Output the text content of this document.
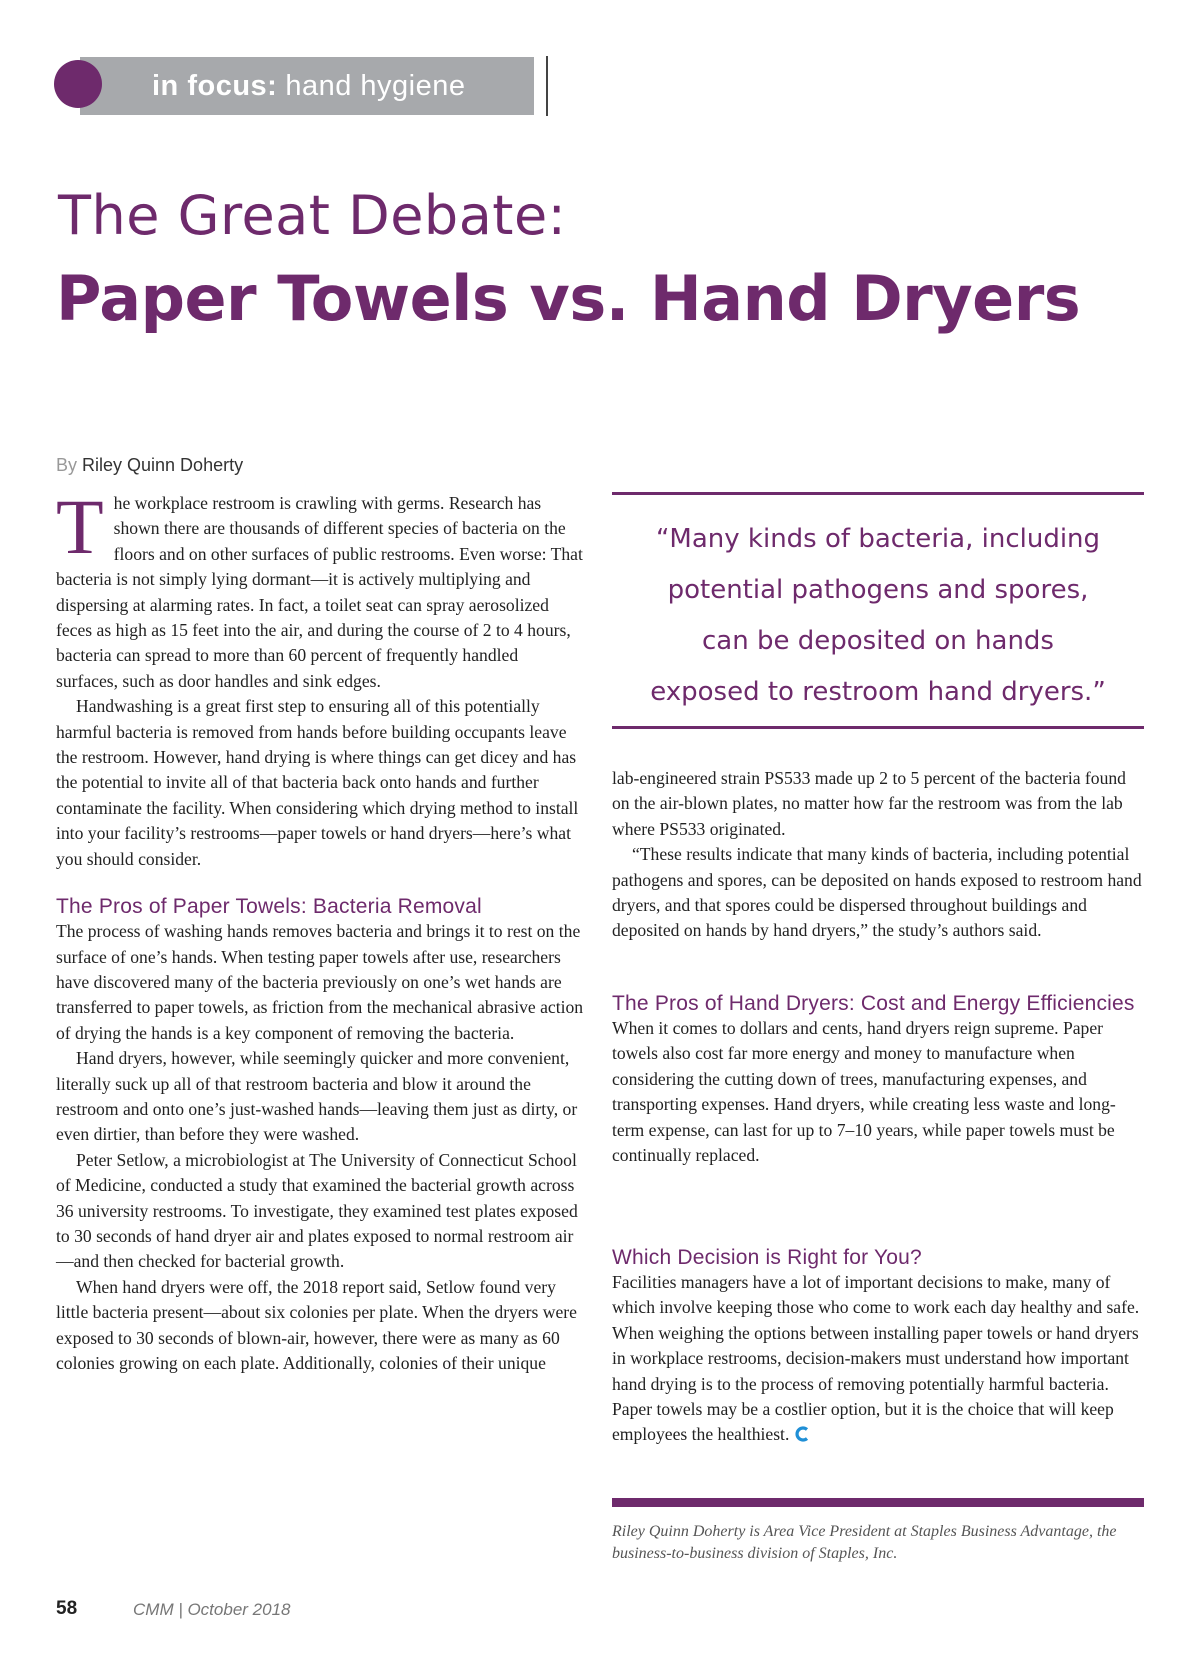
in focus: hand hygiene
The Great Debate:
Paper Towels vs. Hand Dryers
By Riley Quinn Doherty

The workplace restroom is crawling with germs. Research has shown there are thousands of different species of bacteria on the floors and on other surfaces of public restrooms. Even worse: That bacteria is not simply lying dormant—it is actively multiplying and dispersing at alarming rates. In fact, a toilet seat can spray aerosolized feces as high as 15 feet into the air, and during the course of 2 to 4 hours, bacteria can spread to more than 60 percent of frequently handled surfaces, such as door handles and sink edges.

Handwashing is a great first step to ensuring all of this potentially harmful bacteria is removed from hands before building occupants leave the restroom. However, hand drying is where things can get dicey and has the potential to invite all of that bacteria back onto hands and further contaminate the facility. When considering which drying method to install into your facility’s restrooms—paper towels or hand dryers—here’s what you should consider.

The Pros of Paper Towels: Bacteria Removal

The process of washing hands removes bacteria and brings it to rest on the surface of one’s hands. When testing paper towels after use, researchers have discovered many of the bacteria previously on one’s wet hands are transferred to paper towels, as friction from the mechanical abrasive action of drying the hands is a key component of removing the bacteria.

Hand dryers, however, while seemingly quicker and more convenient, literally suck up all of that restroom bacteria and blow it around the restroom and onto one’s just-washed hands—leaving them just as dirty, or even dirtier, than before they were washed.

Peter Setlow, a microbiologist at The University of Connecticut School of Medicine, conducted a study that examined the bacterial growth across 36 university restrooms. To investigate, they examined test plates exposed to 30 seconds of hand dryer air and plates exposed to normal restroom air—and then checked for bacterial growth.

When hand dryers were off, the 2018 report said, Setlow found very little bacteria present—about six colonies per plate. When the dryers were exposed to 30 seconds of blown-air, however, there were as many as 60 colonies growing on each plate. Additionally, colonies of their unique

“Many kinds of bacteria, including
potential pathogens and spores,
can be deposited on hands
exposed to restroom hand dryers.”

lab-engineered strain PS533 made up 2 to 5 percent of the bacteria found on the air-blown plates, no matter how far the restroom was from the lab where PS533 originated.

“These results indicate that many kinds of bacteria, including potential pathogens and spores, can be deposited on hands exposed to restroom hand dryers, and that spores could be dispersed throughout buildings and deposited on hands by hand dryers,” the study’s authors said.

The Pros of Hand Dryers: Cost and Energy Efficiencies

When it comes to dollars and cents, hand dryers reign supreme. Paper towels also cost far more energy and money to manufacture when considering the cutting down of trees, manufacturing expenses, and transporting expenses. Hand dryers, while creating less waste and long-term expense, can last for up to 7–10 years, while paper towels must be continually replaced.

Which Decision is Right for You?

Facilities managers have a lot of important decisions to make, many of which involve keeping those who come to work each day healthy and safe. When weighing the options between installing paper towels or hand dryers in workplace restrooms, decision-makers must understand how important hand drying is to the process of removing potentially harmful bacteria. Paper towels may be a costlier option, but it is the choice that will keep employees the healthiest.

Riley Quinn Doherty is Area Vice President at Staples Business Advantage, the business-to-business division of Staples, Inc.
58	CMM | October 2018
